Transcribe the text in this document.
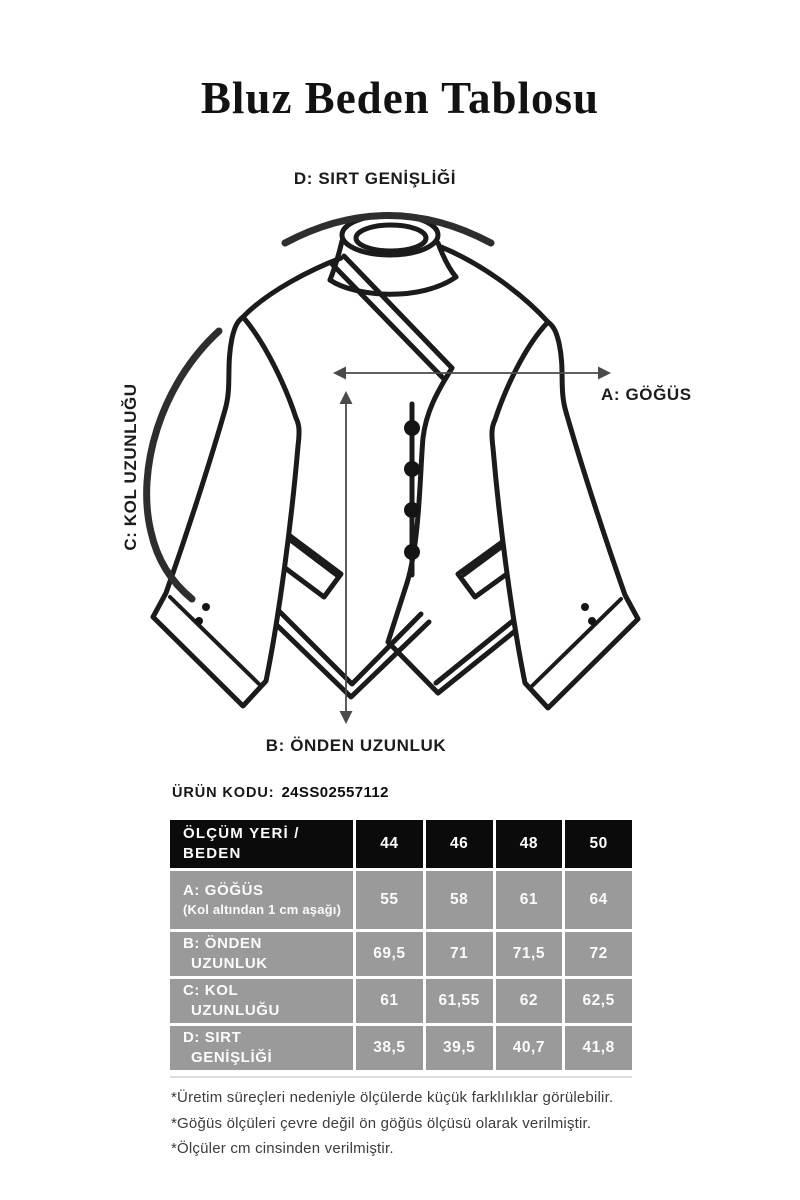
Bluz Beden Tablosu
D: SIRT GENİŞLİĞİ
A: GÖĞÜS
C: KOL UZUNLUĞU
B: ÖNDEN UZUNLUK
ÜRÜN KODU: 24SS02557112
ÖLÇÜM YERİ / BEDEN
44	46	48	50
A: GÖĞÜS
(Kol altından 1 cm aşağı)
55	58	61	64
B: ÖNDEN
UZUNLUK
69,5	71	71,5	72
C: KOL
UZUNLUĞU
61	61,55	62	62,5
D: SIRT
GENİŞLİĞİ
38,5	39,5	40,7	41,8

*Üretim süreçleri nedeniyle ölçülerde küçük farklılıklar görülebilir.

*Göğüs ölçüleri çevre değil ön göğüs ölçüsü olarak verilmiştir.

*Ölçüler cm cinsinden verilmiştir.
